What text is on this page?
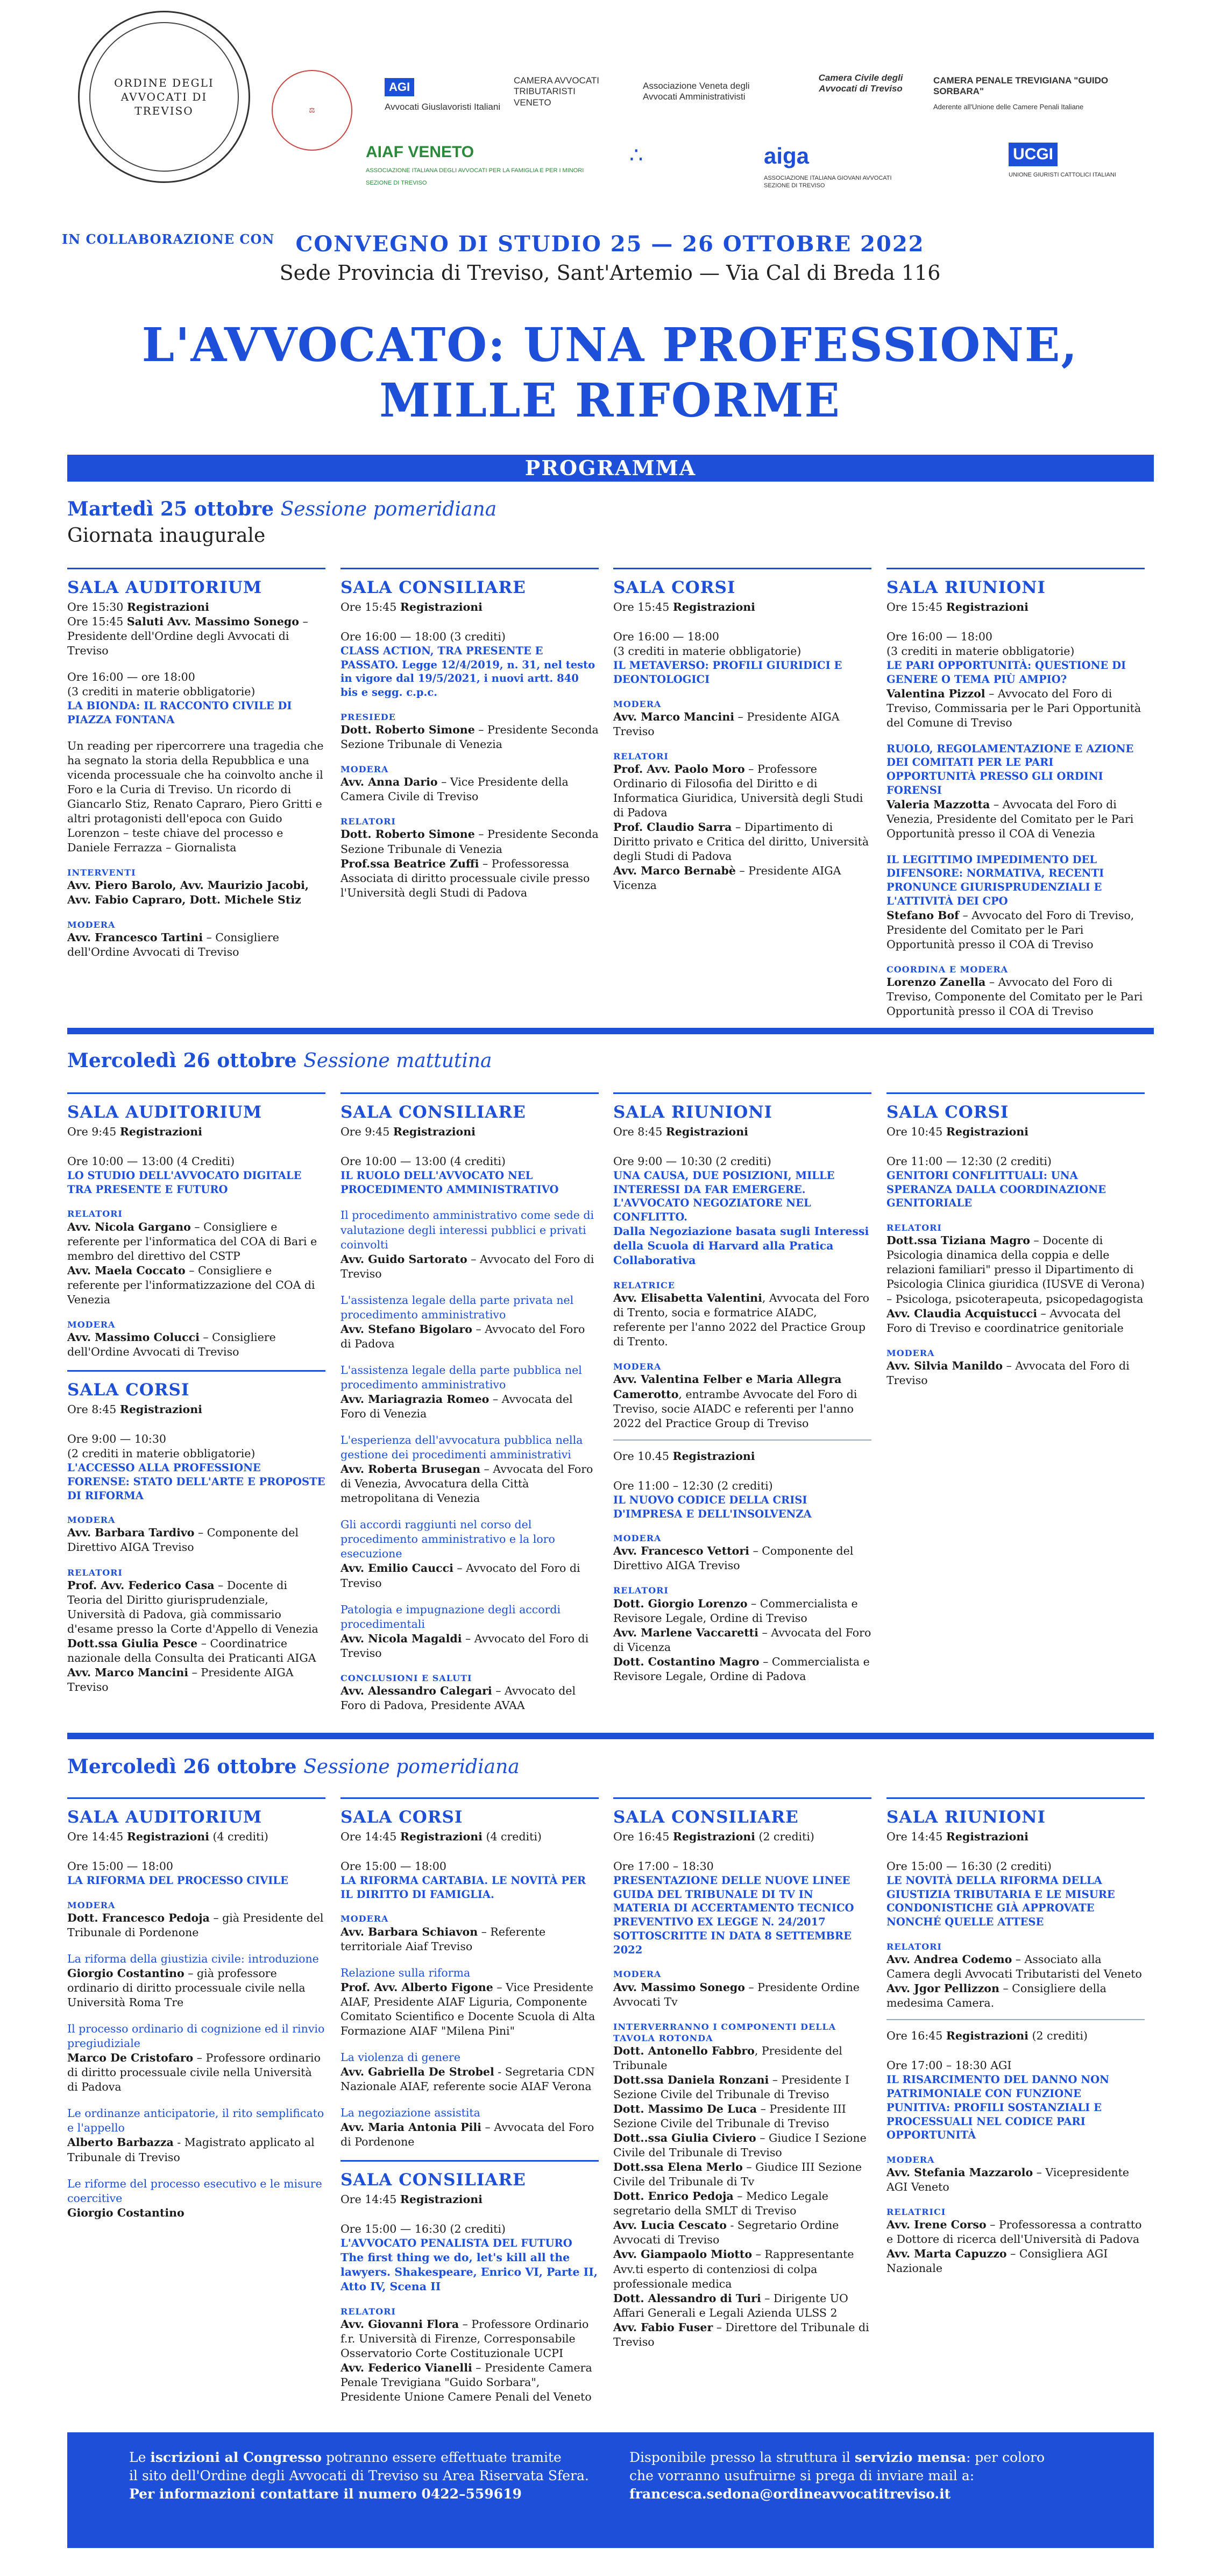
ORDINE DEGLI AVVOCATI DI TREVISO
IN COLLABORAZIONE CON
⚖
AGI
Avvocati Giuslavoristi Italiani
CAMERA AVVOCATI TRIBUTARISTI VENETO
Associazione Veneta degli Avvocati Amministrativisti
Camera Civile degli Avvocati di Treviso
CAMERA PENALE TREVIGIANA "GUIDO SORBARA"
Aderente all'Unione delle Camere Penali Italiane
AIAF VENETO
ASSOCIAZIONE ITALIANA DEGLI AVVOCATI PER LA FAMIGLIA E PER I MINORI
SEZIONE DI TREVISO
∴	aiga
ASSOCIAZIONE ITALIANA GIOVANI AVVOCATI SEZIONE DI TREVISO
UCGI
UNIONE GIURISTI CATTOLICI ITALIANI
CONVEGNO DI STUDIO 25 — 26 OTTOBRE 2022
Sede Provincia di Treviso, Sant'Artemio — Via Cal di Breda 116
L'AVVOCATO: UNA PROFESSIONE,
MILLE RIFORME
PROGRAMMA
Martedì 25 ottobre Sessione pomeridiana
Giornata inaugurale
SALA AUDITORIUM
Ore 15:30 Registrazioni
Ore 15:45 Saluti Avv. Massimo Sonego – Presidente dell'Ordine degli Avvocati di Treviso
Ore 16:00 — ore 18:00
(3 crediti in materie obbligatorie)
LA BIONDA: IL RACCONTO CIVILE DI PIAZZA FONTANA

Un reading per ripercorrere una tragedia che ha segnato la storia della Repubblica e una vicenda processuale che ha coinvolto anche il Foro e la Curia di Treviso. Un ricordo di Giancarlo Stiz, Renato Capraro, Piero Gritti e altri protagonisti dell'epoca con Guido Lorenzon – teste chiave del processo e Daniele Ferrazza – Giornalista

INTERVENTI

Avv. Piero Barolo, Avv. Maurizio Jacobi, Avv. Fabio Capraro, Dott. Michele Stiz

MODERA
Avv. Francesco Tartini – Consigliere dell'Ordine Avvocati di Treviso
SALA CONSILIARE
Ore 15:45 Registrazioni
Ore 16:00 — 18:00 (3 crediti)
CLASS ACTION, TRA PRESENTE E PASSATO. Legge 12/4/2019, n. 31, nel testo in vigore dal 19/5/2021, i nuovi artt. 840 bis e segg. c.p.c.
PRESIEDE

Dott. Roberto Simone – Presidente Seconda Sezione Tribunale di Venezia

MODERA

Avv. Anna Dario – Vice Presidente della Camera Civile di Treviso

RELATORI
Dott. Roberto Simone – Presidente Seconda Sezione Tribunale di Venezia
Prof.ssa Beatrice Zuffi – Professoressa Associata di diritto processuale civile presso l'Università degli Studi di Padova
SALA CORSI
Ore 15:45 Registrazioni
Ore 16:00 — 18:00
(3 crediti in materie obbligatorie)
IL METAVERSO: PROFILI GIURIDICI E DEONTOLOGICI
MODERA

Avv. Marco Mancini – Presidente AIGA Treviso

RELATORI
Prof. Avv. Paolo Moro – Professore Ordinario di Filosofia del Diritto e di Informatica Giuridica, Università degli Studi di Padova
Prof. Claudio Sarra – Dipartimento di Diritto privato e Critica del diritto, Università degli Studi di Padova
Avv. Marco Bernabè – Presidente AIGA Vicenza
SALA RIUNIONI
Ore 15:45 Registrazioni
Ore 16:00 — 18:00
(3 crediti in materie obbligatorie)
LE PARI OPPORTUNITÀ: QUESTIONE DI GENERE O TEMA PIÙ AMPIO?
Valentina Pizzol – Avvocato del Foro di Treviso, Commissaria per le Pari Opportunità del Comune di Treviso
RUOLO, REGOLAMENTAZIONE E AZIONE DEI COMITATI PER LE PARI OPPORTUNITÀ PRESSO GLI ORDINI FORENSI
Valeria Mazzotta – Avvocata del Foro di Venezia, Presidente del Comitato per le Pari Opportunità presso il COA di Venezia
IL LEGITTIMO IMPEDIMENTO DEL DIFENSORE: NORMATIVA, RECENTI PRONUNCE GIURISPRUDENZIALI E L'ATTIVITÀ DEI CPO
Stefano Bof – Avvocato del Foro di Treviso, Presidente del Comitato per le Pari Opportunità presso il COA di Treviso
COORDINA E MODERA
Lorenzo Zanella – Avvocato del Foro di Treviso, Componente del Comitato per le Pari Opportunità presso il COA di Treviso
Mercoledì 26 ottobre Sessione mattutina
SALA AUDITORIUM
Ore 9:45 Registrazioni
Ore 10:00 — 13:00 (4 Crediti)
LO STUDIO DELL'AVVOCATO DIGITALE TRA PRESENTE E FUTURO
RELATORI
Avv. Nicola Gargano – Consigliere e referente per l'informatica del COA di Bari e membro del direttivo del CSTP

Avv. Maela Coccato – Consigliere e referente per l'informatizzazione del COA di Venezia

MODERA
Avv. Massimo Colucci – Consigliere dell'Ordine Avvocati di Treviso
SALA CORSI
Ore 8:45 Registrazioni
Ore 9:00 — 10:30
(2 crediti in materie obbligatorie)
L'ACCESSO ALLA PROFESSIONE FORENSE: STATO DELL'ARTE E PROPOSTE DI RIFORMA
MODERA

Avv. Barbara Tardivo – Componente del Direttivo AIGA Treviso

RELATORI
Prof. Avv. Federico Casa – Docente di Teoria del Diritto giurisprudenziale, Università di Padova, già commissario d'esame presso la Corte d'Appello di Venezia
Dott.ssa Giulia Pesce – Coordinatrice nazionale della Consulta dei Praticanti AIGA
Avv. Marco Mancini – Presidente AIGA Treviso
SALA CONSILIARE
Ore 9:45 Registrazioni
Ore 10:00 — 13:00 (4 crediti)
IL RUOLO DELL'AVVOCATO NEL PROCEDIMENTO AMMINISTRATIVO
Il procedimento amministrativo come sede di valutazione degli interessi pubblici e privati coinvolti
Avv. Guido Sartorato – Avvocato del Foro di Treviso
L'assistenza legale della parte privata nel procedimento amministrativo
Avv. Stefano Bigolaro – Avvocato del Foro di Padova
L'assistenza legale della parte pubblica nel procedimento amministrativo
Avv. Mariagrazia Romeo – Avvocata del Foro di Venezia
L'esperienza dell'avvocatura pubblica nella gestione dei procedimenti amministrativi
Avv. Roberta Brusegan – Avvocata del Foro di Venezia, Avvocatura della Città metropolitana di Venezia
Gli accordi raggiunti nel corso del procedimento amministrativo e la loro esecuzione
Avv. Emilio Caucci – Avvocato del Foro di Treviso
Patologia e impugnazione degli accordi procedimentali
Avv. Nicola Magaldi – Avvocato del Foro di Treviso
CONCLUSIONI E SALUTI
Avv. Alessandro Calegari – Avvocato del Foro di Padova, Presidente AVAA
SALA RIUNIONI
Ore 8:45 Registrazioni
Ore 9:00 — 10:30 (2 crediti)
UNA CAUSA, DUE POSIZIONI, MILLE INTERESSI DA FAR EMERGERE. L'AVVOCATO NEGOZIATORE NEL CONFLITTO.
Dalla Negoziazione basata sugli Interessi della Scuola di Harvard alla Pratica Collaborativa
RELATRICE

Avv. Elisabetta Valentini, Avvocata del Foro di Trento, socia e formatrice AIADC, referente per l'anno 2022 del Practice Group di Trento.

MODERA
Avv. Valentina Felber e Maria Allegra Camerotto, entrambe Avvocate del Foro di Treviso, socie AIADC e referenti per l'anno 2022 del Practice Group di Treviso
Ore 10.45 Registrazioni
Ore 11:00 – 12:30 (2 crediti)
IL NUOVO CODICE DELLA CRISI D'IMPRESA E DELL'INSOLVENZA
MODERA

Avv. Francesco Vettori – Componente del Direttivo AIGA Treviso

RELATORI
Dott. Giorgio Lorenzo – Commercialista e Revisore Legale, Ordine di Treviso
Avv. Marlene Vaccaretti – Avvocata del Foro di Vicenza
Dott. Costantino Magro – Commercialista e Revisore Legale, Ordine di Padova
SALA CORSI
Ore 10:45 Registrazioni
Ore 11:00 — 12:30 (2 crediti)
GENITORI CONFLITTUALI: UNA SPERANZA DALLA COORDINAZIONE GENITORIALE
RELATORI
Dott.ssa Tiziana Magro – Docente di Psicologia dinamica della coppia e delle relazioni familiari" presso il Dipartimento di Psicologia Clinica giuridica (IUSVE di Verona) – Psicologa, psicoterapeuta, psicopedagogista

Avv. Claudia Acquistucci – Avvocata del Foro di Treviso e coordinatrice genitoriale

MODERA
Avv. Silvia Manildo – Avvocata del Foro di Treviso
Mercoledì 26 ottobre Sessione pomeridiana
SALA AUDITORIUM
Ore 14:45 Registrazioni (4 crediti)
Ore 15:00 — 18:00
LA RIFORMA DEL PROCESSO CIVILE
MODERA

Dott. Francesco Pedoja – già Presidente del Tribunale di Pordenone

La riforma della giustizia civile: introduzione
Giorgio Costantino – già professore ordinario di diritto processuale civile nella Università Roma Tre
Il processo ordinario di cognizione ed il rinvio pregiudiziale
Marco De Cristofaro – Professore ordinario di diritto processuale civile nella Università di Padova
Le ordinanze anticipatorie, il rito semplificato e l'appello
Alberto Barbazza - Magistrato applicato al Tribunale di Treviso
Le riforme del processo esecutivo e le misure coercitive
Giorgio Costantino
SALA CORSI
Ore 14:45 Registrazioni (4 crediti)
Ore 15:00 — 18:00
LA RIFORMA CARTABIA. LE NOVITÀ PER IL DIRITTO DI FAMIGLIA.
MODERA

Avv. Barbara Schiavon – Referente territoriale Aiaf Treviso

Relazione sulla riforma
Prof. Avv. Alberto Figone – Vice Presidente AIAF, Presidente AIAF Liguria, Componente Comitato Scientifico e Docente Scuola di Alta Formazione AIAF "Milena Pini"
La violenza di genere
Avv. Gabriella De Strobel - Segretaria CDN Nazionale AIAF, referente socie AIAF Verona
La negoziazione assistita
Avv. Maria Antonia Pili – Avvocata del Foro di Pordenone
SALA CONSILIARE
Ore 14:45 Registrazioni
Ore 15:00 — 16:30 (2 crediti)
L'AVVOCATO PENALISTA DEL FUTURO
The first thing we do, let's kill all the lawyers. Shakespeare, Enrico VI, Parte II, Atto IV, Scena II
RELATORI
Avv. Giovanni Flora – Professore Ordinario f.r. Università di Firenze, Corresponsabile Osservatorio Corte Costituzionale UCPI
Avv. Federico Vianelli – Presidente Camera Penale Trevigiana "Guido Sorbara", Presidente Unione Camere Penali del Veneto
SALA CONSILIARE
Ore 16:45 Registrazioni (2 crediti)
Ore 17:00 – 18:30
PRESENTAZIONE DELLE NUOVE LINEE GUIDA DEL TRIBUNALE DI TV IN MATERIA DI ACCERTAMENTO TECNICO PREVENTIVO EX LEGGE N. 24/2017 SOTTOSCRITTE IN DATA 8 SETTEMBRE 2022
MODERA

Avv. Massimo Sonego – Presidente Ordine Avvocati Tv

INTERVERRANNO I COMPONENTI DELLA TAVOLA ROTONDA
Dott. Antonello Fabbro, Presidente del Tribunale
Dott.ssa Daniela Ronzani – Presidente I Sezione Civile del Tribunale di Treviso
Dott. Massimo De Luca – Presidente III Sezione Civile del Tribunale di Treviso
Dott..ssa Giulia Civiero – Giudice I Sezione Civile del Tribunale di Treviso
Dott.ssa Elena Merlo – Giudice III Sezione Civile del Tribunale di Tv
Dott. Enrico Pedoja – Medico Legale segretario della SMLT di Treviso
Avv. Lucia Cescato - Segretario Ordine Avvocati di Treviso
Avv. Giampaolo Miotto – Rappresentante Avv.ti esperto di contenziosi di colpa professionale medica
Dott. Alessandro di Turi – Dirigente UO Affari Generali e Legali Azienda ULSS 2
Avv. Fabio Fuser – Direttore del Tribunale di Treviso
SALA RIUNIONI
Ore 14:45 Registrazioni
Ore 15:00 — 16:30 (2 crediti)
LE NOVITÀ DELLA RIFORMA DELLA GIUSTIZIA TRIBUTARIA E LE MISURE CONDONISTICHE GIÀ APPROVATE NONCHÉ QUELLE ATTESE
RELATORI
Avv. Andrea Codemo – Associato alla Camera degli Avvocati Tributaristi del Veneto
Avv. Jgor Pellizzon – Consigliere della medesima Camera.
Ore 16:45 Registrazioni (2 crediti)
Ore 17:00 – 18:30 AGI
IL RISARCIMENTO DEL DANNO NON PATRIMONIALE CON FUNZIONE PUNITIVA: PROFILI SOSTANZIALI E PROCESSUALI NEL CODICE PARI OPPORTUNITÀ
MODERA

Avv. Stefania Mazzarolo – Vicepresidente AGI Veneto

RELATRICI
Avv. Irene Corso – Professoressa a contratto e Dottore di ricerca dell'Università di Padova
Avv. Marta Capuzzo – Consigliera AGI Nazionale
Le iscrizioni al Congresso potranno essere effettuate tramite
il sito dell'Ordine degli Avvocati di Treviso su Area Riservata Sfera.
Per informazioni contattare il numero 0422–559619
Disponibile presso la struttura il servizio mensa: per coloro
che vorranno usufruirne si prega di inviare mail a:
francesca.sedona@ordineavvocatitreviso.it
